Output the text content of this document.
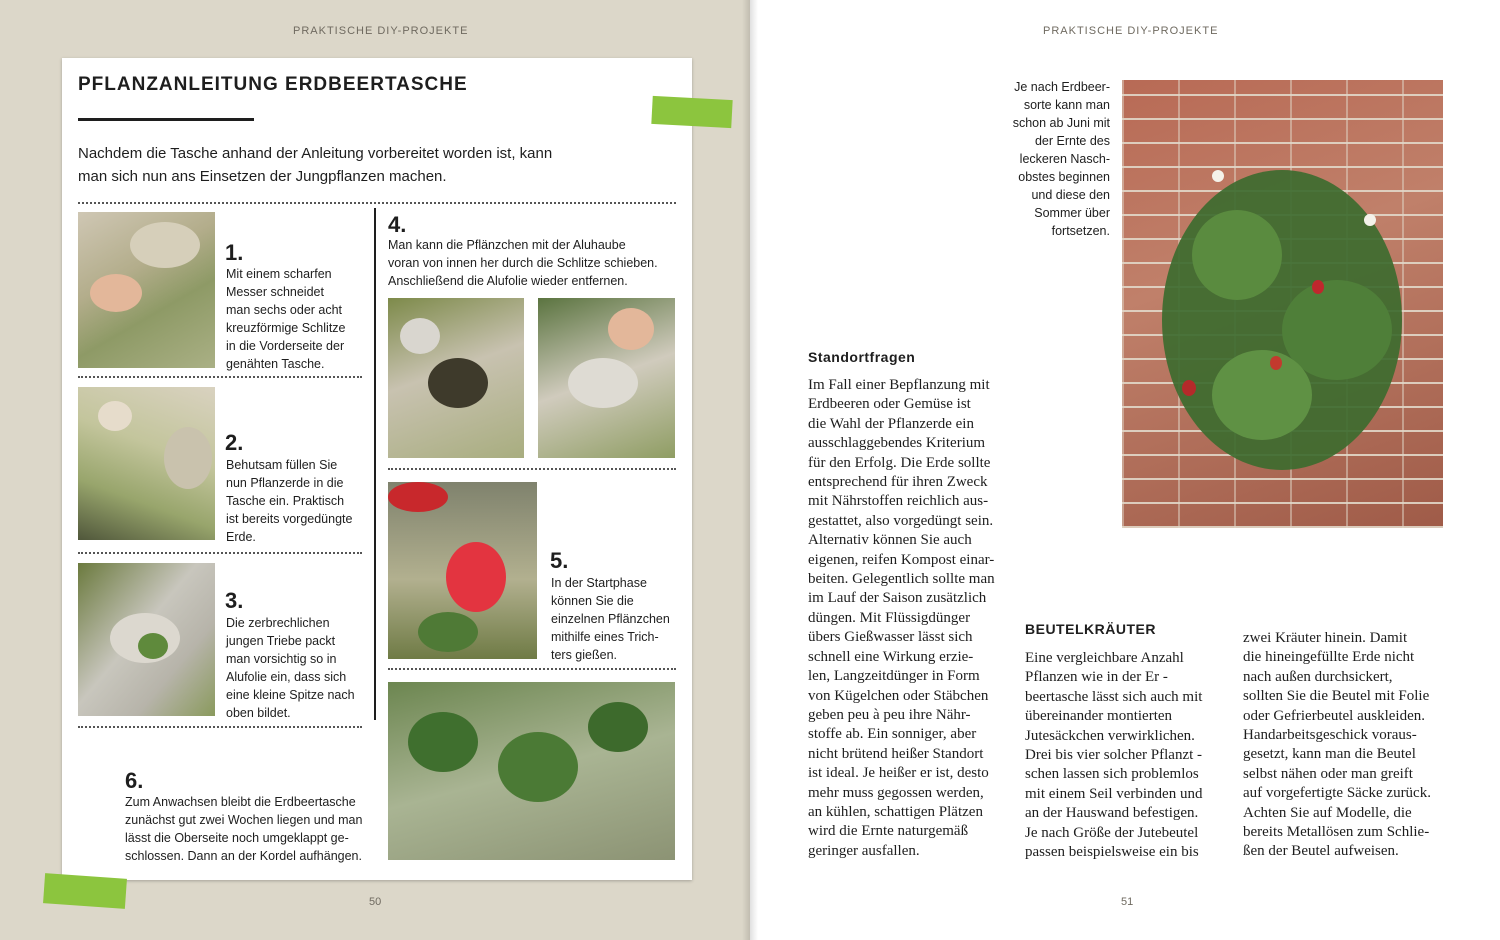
PRAKTISCHE DIY-PROJEKTE
PFLANZANLEITUNG ERDBEERTASCHE
Nachdem die Tasche anhand der Anleitung vorbereitet worden ist, kann
man sich nun ans Einsetzen der Jungpflanzen machen.
1.
Mit einem scharfen
Messer schneidet
man sechs oder acht
kreuzförmige Schlitze
in die Vorderseite der
genähten Tasche.
2.
Behutsam füllen Sie
nun Pflanzerde in die
Tasche ein. Praktisch
ist bereits vorgedüngte
Erde.
3.
Die zerbrechlichen
jungen Triebe packt
man vorsichtig so in
Alufolie ein, dass sich
eine kleine Spitze nach
oben bildet.
4.
Man kann die Pflänzchen mit der Aluhaube
voran von innen her durch die Schlitze schieben.
Anschließend die Alufolie wieder entfernen.
5.
In der Startphase
können Sie die
einzelnen Pflänzchen
mithilfe eines Trich-
ters gießen.
6.
Zum Anwachsen bleibt die Erdbeertasche
zunächst gut zwei Wochen liegen und man
lässt die Oberseite noch umgeklappt ge-
schlossen. Dann an der Kordel aufhängen.
50
PRAKTISCHE DIY-PROJEKTE
Je nach Erdbeer-
sorte kann man
schon ab Juni mit
der Ernte des
leckeren Nasch-
obstes beginnen
und diese den
Sommer über
fortsetzen.
Standortfragen
Im Fall einer Bepflanzung mit
Erdbeeren oder Gemüse ist
die Wahl der Pflanzerde ein
ausschlaggebendes Kriterium
für den Erfolg. Die Erde sollte
entsprechend für ihren Zweck
mit Nährstoffen reichlich aus-
gestattet, also vorgedüngt sein.
Alternativ können Sie auch
eigenen, reifen Kompost einar-
beiten. Gelegentlich sollte man
im Lauf der Saison zusätzlich
düngen. Mit Flüssigdünger
übers Gießwasser lässt sich
schnell eine Wirkung erzie-
len, Langzeitdünger in Form
von Kügelchen oder Stäbchen
geben peu à peu ihre Nähr-
stoffe ab. Ein sonniger, aber
nicht brütend heißer Standort
ist ideal. Je heißer er ist, desto
mehr muss gegossen werden,
an kühlen, schattigen Plätzen
wird die Ernte naturgemäß
geringer ausfallen.
BEUTELKRÄUTER
Eine vergleichbare Anzahl
Pflanzen wie in der Er -
beertasche lässt sich auch mit
übereinander montierten
Jutesäckchen verwirklichen.
Drei bis vier solcher Pflanzt -
schen lassen sich problemlos
mit einem Seil verbinden und
an der Hauswand befestigen.
Je nach Größe der Jutebeutel
passen beispielsweise ein bis
zwei Kräuter hinein. Damit
die hineingefüllte Erde nicht
nach außen durchsickert,
sollten Sie die Beutel mit Folie
oder Gefrierbeutel auskleiden.
Handarbeitsgeschick voraus-
gesetzt, kann man die Beutel
selbst nähen oder man greift
auf vorgefertigte Säcke zurück.
Achten Sie auf Modelle, die
bereits Metallösen zum Schlie-
ßen der Beutel aufweisen.
51
